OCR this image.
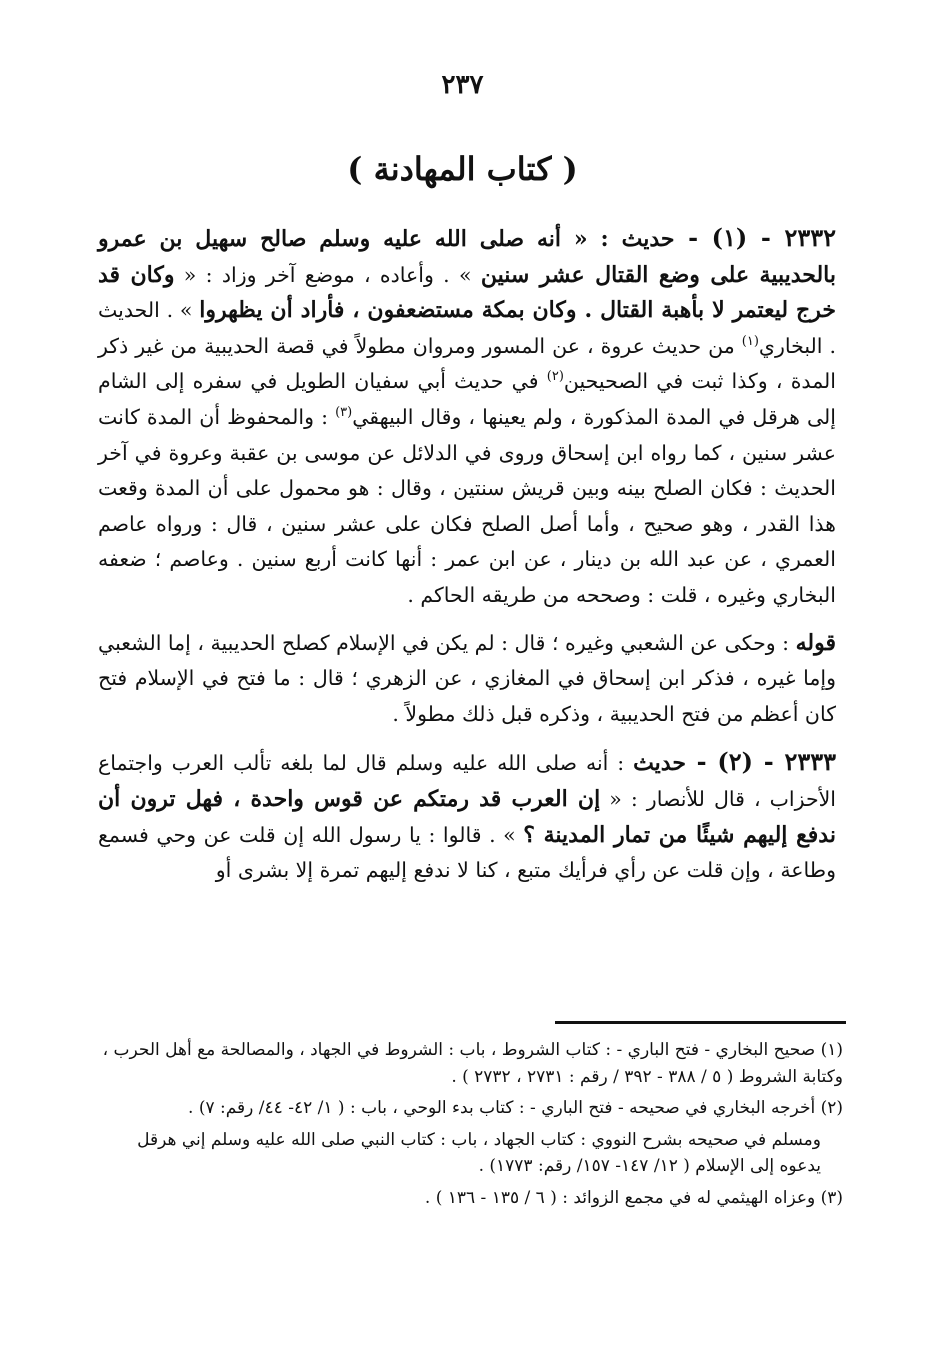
٢٣٧
( كتاب المهادنة )

٢٣٣٢ - (١) - حديث : « أنه صلى الله عليه وسلم صالح سهيل بن عمرو بالحديبية على وضع القتال عشر سنين » . وأعاده ، موضع آخر وزاد : « وكان قد خرج ليعتمر لا بأهبة القتال . وكان بمكة مستضعفون ، فأراد أن يظهروا » . الحديث . البخاري$^{(١)}$ من حديث عروة ، عن المسور ومروان مطولاً في قصة الحديبية من غير ذكر المدة ، وكذا ثبت في الصحيحين$^{(٢)}$ في حديث أبي سفيان الطويل في سفره إلى الشام إلى هرقل في المدة المذكورة ، ولم يعينها ، وقال البيهقي$^{(٣)}$ : والمحفوظ أن المدة كانت عشر سنين ، كما رواه ابن إسحاق وروى في الدلائل عن موسى بن عقبة وعروة في آخر الحديث : فكان الصلح بينه وبين قريش سنتين ، وقال : هو محمول على أن المدة وقعت هذا القدر ، وهو صحيح ، وأما أصل الصلح فكان على عشر سنين ، قال : ورواه عاصم العمري ، عن عبد الله بن دينار ، عن ابن عمر : أنها كانت أربع سنين . وعاصم ؛ ضعفه البخاري وغيره ، قلت : وصححه من طريقه الحاكم .

قوله : وحكى عن الشعبي وغيره ؛ قال : لم يكن في الإسلام كصلح الحديبية ، إما الشعبي وإما غيره ، فذكر ابن إسحاق في المغازي ، عن الزهري ؛ قال : ما فتح في الإسلام فتح كان أعظم من فتح الحديبية ، وذكره قبل ذلك مطولاً .

٢٣٣٣ - (٢) - حديث : أنه صلى الله عليه وسلم قال لما بلغه تألب العرب واجتماع الأحزاب ، قال للأنصار : « إن العرب قد رمتكم عن قوس واحدة ، فهل ترون أن ندفع إليهم شيئًا من تمار المدينة ؟ » . قالوا : يا رسول الله إن قلت عن وحي فسمع وطاعة ، وإن قلت عن رأي فرأيك متبع ، كنا لا ندفع إليهم تمرة إلا بشرى أو

(١) صحيح البخاري - فتح الباري - : كتاب الشروط ، باب : الشروط في الجهاد ، والمصالحة مع أهل الحرب ، وكتابة الشروط ( ٥ / ٣٨٨ - ٣٩٢ / رقم : ٢٧٣١ ، ٢٧٣٢ ) .

(٢) أخرجه البخاري في صحيحه - فتح الباري - : كتاب بدء الوحي ، باب : ( ١/ ٤٢- ٤٤/ رقم: ٧) .

ومسلم في صحيحه بشرح النووي : كتاب الجهاد ، باب : كتاب النبي صلى الله عليه وسلم إني هرقل يدعوه إلى الإسلام ( ١٢/ ١٤٧- ١٥٧/ رقم: ١٧٧٣) .

(٣) وعزاه الهيثمي له في مجمع الزوائد : ( ٦ / ١٣٥ - ١٣٦ ) .
